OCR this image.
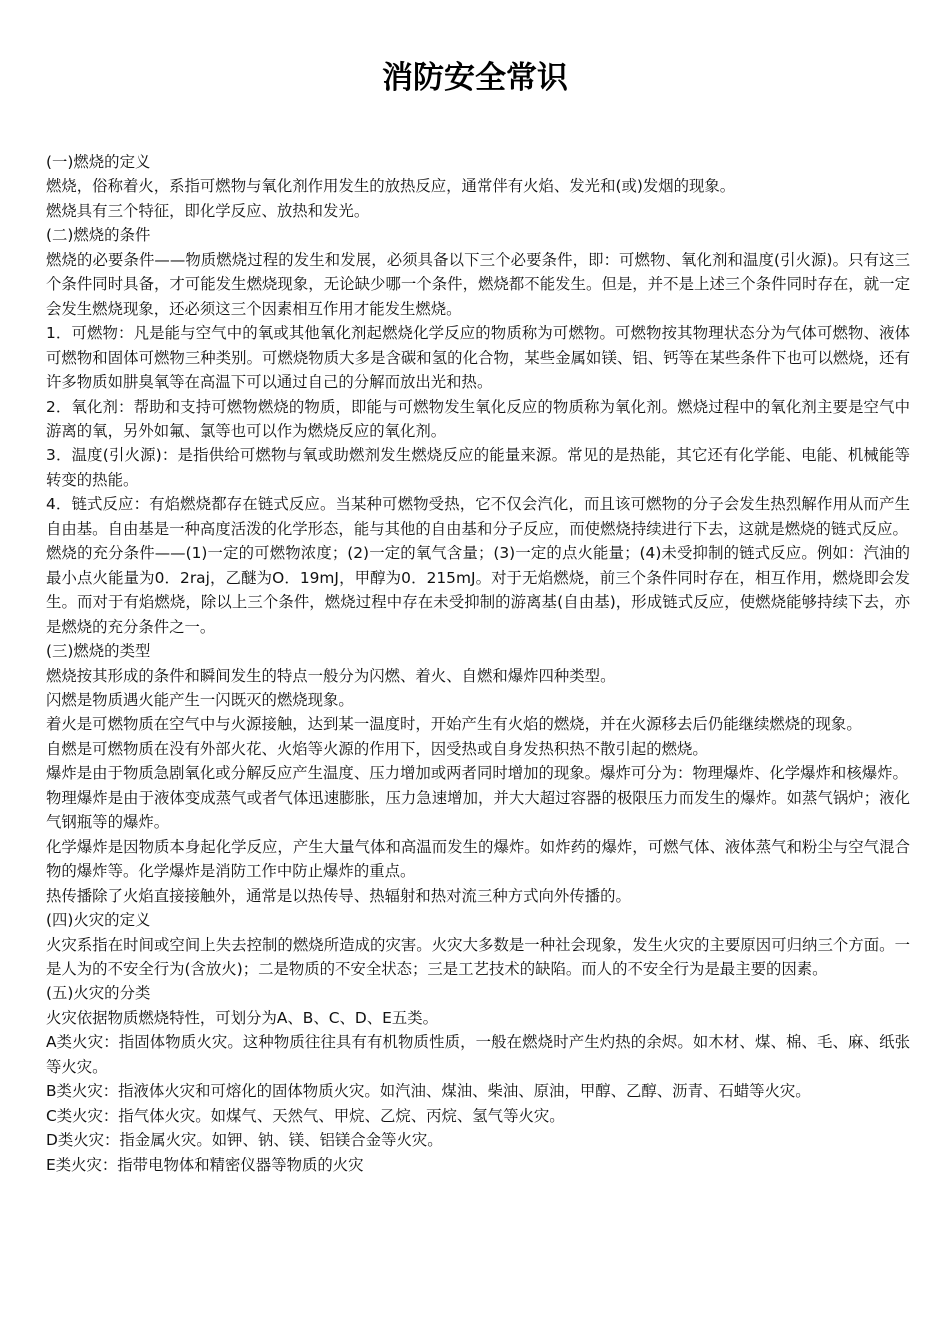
消防安全常识

(一)燃烧的定义

燃烧，俗称着火，系指可燃物与氧化剂作用发生的放热反应，通常伴有火焰、发光和(或)发烟的现象。

燃烧具有三个特征，即化学反应、放热和发光。

(二)燃烧的条件

燃烧的必要条件——物质燃烧过程的发生和发展，必须具备以下三个必要条件，即：可燃物、氧化剂和温度(引火源)。只有这三个条件同时具备，才可能发生燃烧现象，无论缺少哪一个条件，燃烧都不能发生。但是，并不是上述三个条件同时存在，就一定会发生燃烧现象，还必须这三个因素相互作用才能发生燃烧。

1．可燃物：凡是能与空气中的氧或其他氧化剂起燃烧化学反应的物质称为可燃物。可燃物按其物理状态分为气体可燃物、液体可燃物和固体可燃物三种类别。可燃烧物质大多是含碳和氢的化合物，某些金属如镁、铝、钙等在某些条件下也可以燃烧，还有许多物质如肼臭氧等在高温下可以通过自己的分解而放出光和热。

2．氧化剂：帮助和支持可燃物燃烧的物质，即能与可燃物发生氧化反应的物质称为氧化剂。燃烧过程中的氧化剂主要是空气中游离的氧，另外如氟、氯等也可以作为燃烧反应的氧化剂。

3．温度(引火源)：是指供给可燃物与氧或助燃剂发生燃烧反应的能量来源。常见的是热能，其它还有化学能、电能、机械能等转变的热能。

4．链式反应：有焰燃烧都存在链式反应。当某种可燃物受热，它不仅会汽化，而且该可燃物的分子会发生热烈解作用从而产生自由基。自由基是一种高度活泼的化学形态，能与其他的自由基和分子反应，而使燃烧持续进行下去，这就是燃烧的链式反应。

燃烧的充分条件——(1)一定的可燃物浓度；(2)一定的氧气含量；(3)一定的点火能量；(4)未受抑制的链式反应。例如：汽油的最小点火能量为0．2raj，乙醚为O．19mJ，甲醇为0．215mJ。对于无焰燃烧，前三个条件同时存在，相互作用，燃烧即会发生。而对于有焰燃烧，除以上三个条件，燃烧过程中存在未受抑制的游离基(自由基)，形成链式反应，使燃烧能够持续下去，亦是燃烧的充分条件之一。

(三)燃烧的类型

燃烧按其形成的条件和瞬间发生的特点一般分为闪燃、着火、自燃和爆炸四种类型。

闪燃是物质遇火能产生一闪既灭的燃烧现象。

着火是可燃物质在空气中与火源接触，达到某一温度时，开始产生有火焰的燃烧，并在火源移去后仍能继续燃烧的现象。

自燃是可燃物质在没有外部火花、火焰等火源的作用下，因受热或自身发热积热不散引起的燃烧。

爆炸是由于物质急剧氧化或分解反应产生温度、压力增加或两者同时增加的现象。爆炸可分为：物理爆炸、化学爆炸和核爆炸。

物理爆炸是由于液体变成蒸气或者气体迅速膨胀，压力急速增加，并大大超过容器的极限压力而发生的爆炸。如蒸气锅炉；液化气钢瓶等的爆炸。

化学爆炸是因物质本身起化学反应，产生大量气体和高温而发生的爆炸。如炸药的爆炸，可燃气体、液体蒸气和粉尘与空气混合物的爆炸等。化学爆炸是消防工作中防止爆炸的重点。

热传播除了火焰直接接触外，通常是以热传导、热辐射和热对流三种方式向外传播的。

(四)火灾的定义

火灾系指在时间或空间上失去控制的燃烧所造成的灾害。火灾大多数是一种社会现象，发生火灾的主要原因可归纳三个方面。一是人为的不安全行为(含放火)；二是物质的不安全状态；三是工艺技术的缺陷。而人的不安全行为是最主要的因素。

(五)火灾的分类

火灾依据物质燃烧特性，可划分为A、B、C、D、E五类。

A类火灾：指固体物质火灾。这种物质往往具有有机物质性质，一般在燃烧时产生灼热的余烬。如木材、煤、棉、毛、麻、纸张等火灾。

B类火灾：指液体火灾和可熔化的固体物质火灾。如汽油、煤油、柴油、原油，甲醇、乙醇、沥青、石蜡等火灾。

C类火灾：指气体火灾。如煤气、天然气、甲烷、乙烷、丙烷、氢气等火灾。

D类火灾：指金属火灾。如钾、钠、镁、铝镁合金等火灾。

E类火灾：指带电物体和精密仪器等物质的火灾
